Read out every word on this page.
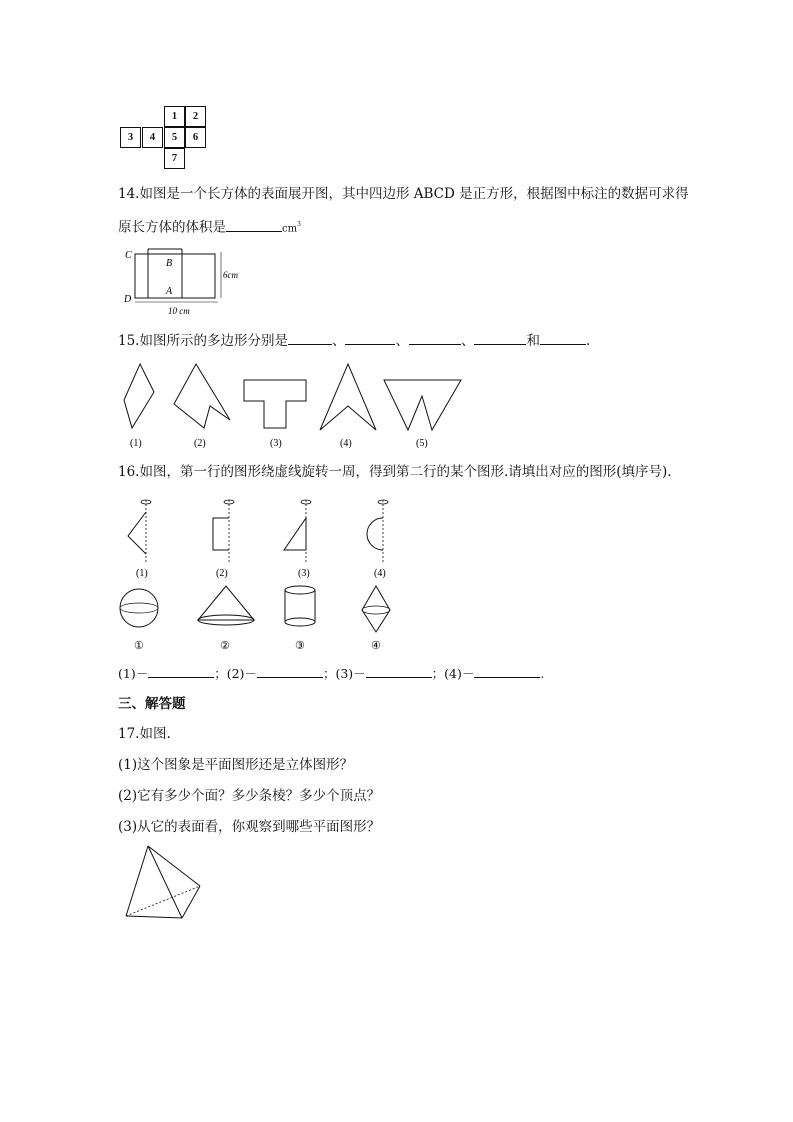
1	2
3	4	5	6
7
14.如图是一个长方体的表面展开图，其中四边形 ABCD 是正方形，根据图中标注的数据可求得
原长方体的体积是	$cm^3$
C
B
A
D
6cm
10 cm
15.如图所示的多边形分别是	、	、	、	和	.
(1)	(2)	(3)	(4)	(5)
16.如图，第一行的图形绕虚线旋转一周，得到第二行的某个图形.请填出对应的图形(填序号).
(1)	(2)	(3)	(4)
①	②	③	④
(1)－	；(2)－	；(3)－	；(4)－	.
三、解答题
17.如图.
(1)这个图象是平面图形还是立体图形？
(2)它有多少个面？多少条棱？多少个顶点？
(3)从它的表面看，你观察到哪些平面图形？
